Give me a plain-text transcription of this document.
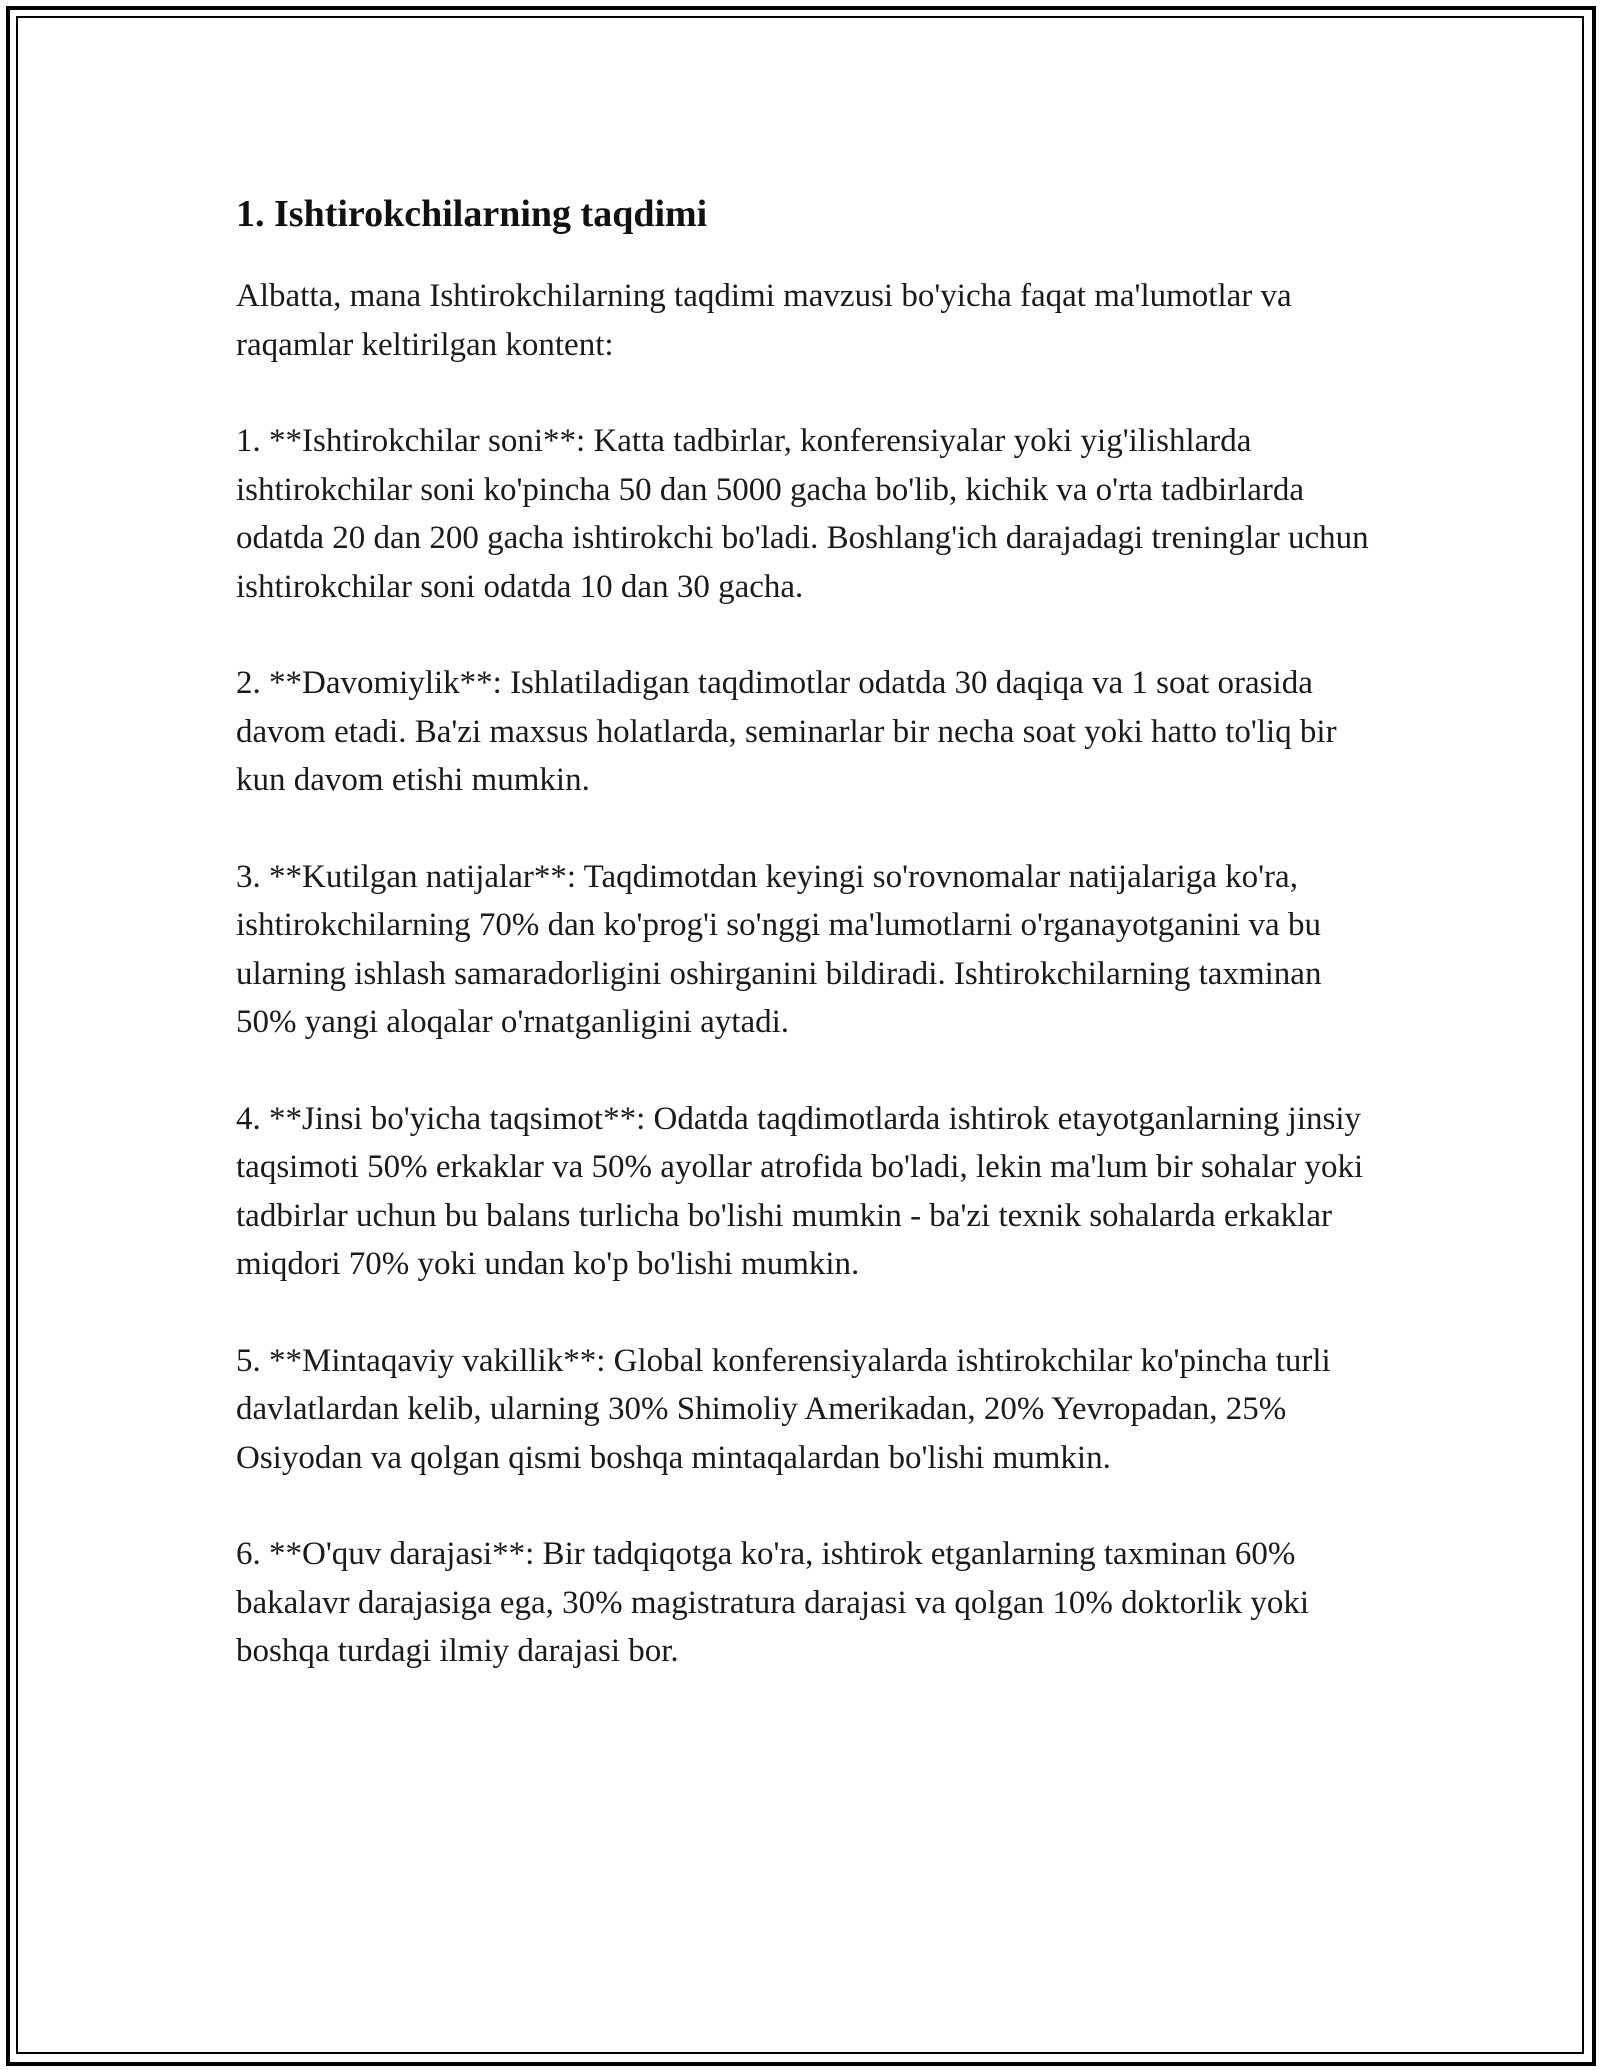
1. Ishtirokchilarning taqdimi

Albatta, mana Ishtirokchilarning taqdimi mavzusi bo'yicha faqat ma'lumotlar va raqamlar keltirilgan kontent:

1. **Ishtirokchilar soni**: Katta tadbirlar, konferensiyalar yoki yig'ilishlarda ishtirokchilar soni ko'pincha 50 dan 5000 gacha bo'lib, kichik va o'rta tadbirlarda odatda 20 dan 200 gacha ishtirokchi bo'ladi. Boshlang'ich darajadagi treninglar uchun ishtirokchilar soni odatda 10 dan 30 gacha.

2. **Davomiylik**: Ishlatiladigan taqdimotlar odatda 30 daqiqa va 1 soat orasida davom etadi. Ba'zi maxsus holatlarda, seminarlar bir necha soat yoki hatto to'liq bir kun davom etishi mumkin.

3. **Kutilgan natijalar**: Taqdimotdan keyingi so'rovnomalar natijalariga ko'ra, ishtirokchilarning 70% dan ko'prog'i so'nggi ma'lumotlarni o'rganayotganini va bu ularning ishlash samaradorligini oshirganini bildiradi. Ishtirokchilarning taxminan 50% yangi aloqalar o'rnatganligini aytadi.

4. **Jinsi bo'yicha taqsimot**: Odatda taqdimotlarda ishtirok etayotganlarning jinsiy taqsimoti 50% erkaklar va 50% ayollar atrofida bo'ladi, lekin ma'lum bir sohalar yoki tadbirlar uchun bu balans turlicha bo'lishi mumkin - ba'zi texnik sohalarda erkaklar miqdori 70% yoki undan ko'p bo'lishi mumkin.

5. **Mintaqaviy vakillik**: Global konferensiyalarda ishtirokchilar ko'pincha turli davlatlardan kelib, ularning 30% Shimoliy Amerikadan, 20% Yevropadan, 25% Osiyodan va qolgan qismi boshqa mintaqalardan bo'lishi mumkin.

6. **O'quv darajasi**: Bir tadqiqotga ko'ra, ishtirok etganlarning taxminan 60% bakalavr darajasiga ega, 30% magistratura darajasi va qolgan 10% doktorlik yoki boshqa turdagi ilmiy darajasi bor.
